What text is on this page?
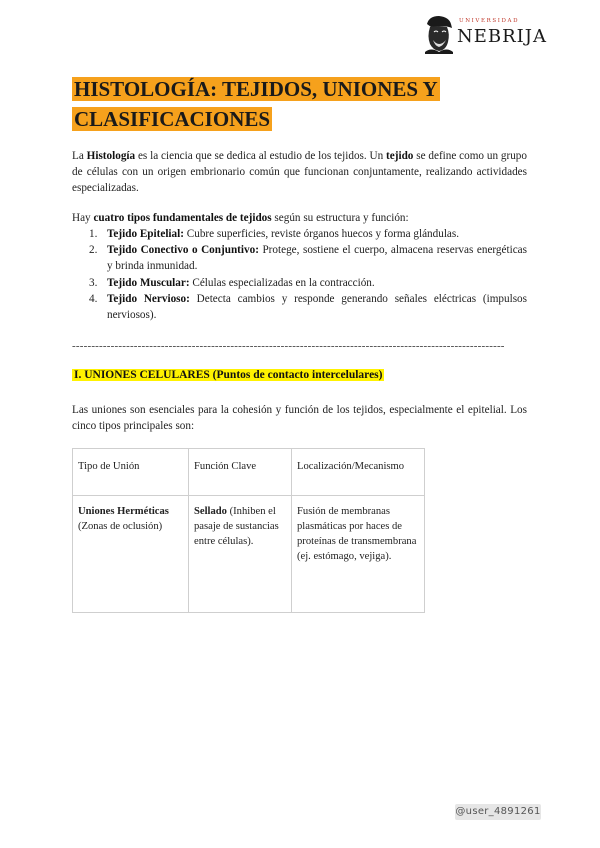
UNIVERSIDAD
NEBRIJA
HISTOLOGÍA: TEJIDOS, UNIONES Y CLASIFICACIONES
La Histología es la ciencia que se dedica al estudio de los tejidos. Un tejido se define como un grupo de células con un origen embrionario común que funcionan conjuntamente, realizando actividades especializadas.
Hay cuatro tipos fundamentales de tejidos según su estructura y función:
1. Tejido Epitelial: Cubre superficies, reviste órganos huecos y forma glándulas.
2. Tejido Conectivo o Conjuntivo: Protege, sostiene el cuerpo, almacena reservas energéticas y brinda inmunidad.
3. Tejido Muscular: Células especializadas en la contracción.
4. Tejido Nervioso: Detecta cambios y responde generando señales eléctricas (impulsos nerviosos).
----------------------------------------------------------------------------------------------------------------
I. UNIONES CELULARES (Puntos de contacto intercelulares)
Las uniones son esenciales para la cohesión y función de los tejidos, especialmente el epitelial. Los cinco tipos principales son:
Tipo de Unión	Función Clave	Localización/Mecanismo
Uniones Herméticas (Zonas de oclusión)	Sellado (Inhiben el pasaje de sustancias entre células).	Fusión de membranas plasmáticas por haces de proteínas de transmembrana (ej. estómago, vejiga).
@user_4891261
